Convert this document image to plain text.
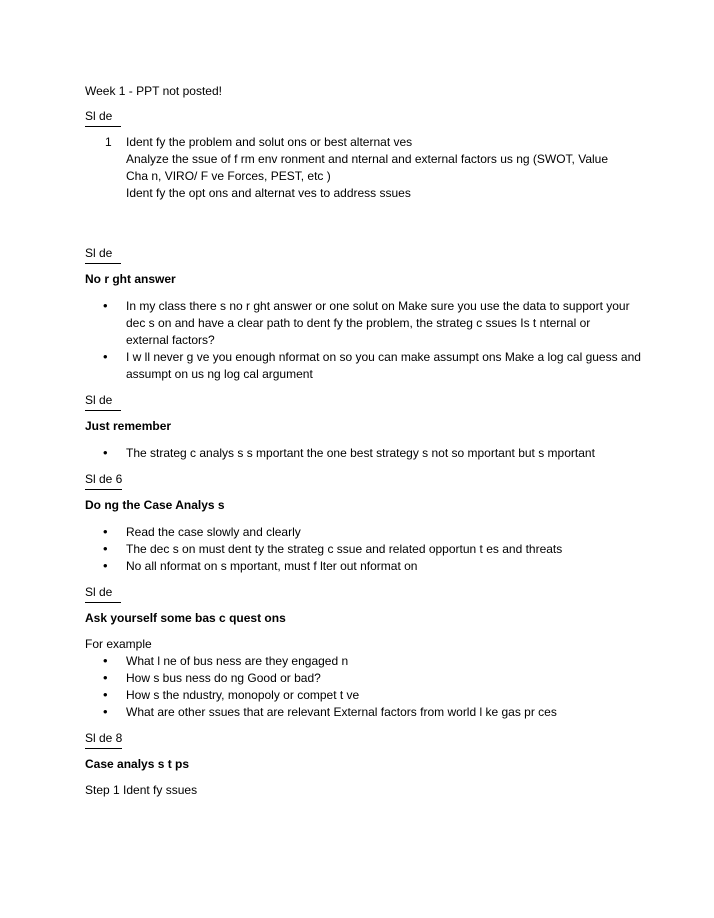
Week 1 - PPT not posted!
Sl de
1 Ident fy the problem and solut ons or best alternat ves
Analyze the ssue of f rm env ronment and nternal and external factors us ng (SWOT, Value
Cha n, VIRO/ F ve Forces, PEST, etc )
Ident fy the opt ons and alternat ves to address ssues
Sl de
No r ght answer
• In my class there s no r ght answer or one solut on Make sure you use the data to support your
dec s on and have a clear path to dent fy the problem, the strateg c ssues Is t nternal or
external factors?
• I w ll never g ve you enough nformat on so you can make assumpt ons Make a log cal guess and
assumpt on us ng log cal argument
Sl de
Just remember
• The strateg c analys s s mportant the one best strategy s not so mportant but s mportant
Sl de 6
Do ng the Case Analys s
• Read the case slowly and clearly
• The dec s on must dent ty the strateg c ssue and related opportun t es and threats
• No all nformat on s mportant, must f lter out nformat on
Sl de
Ask yourself some bas c quest ons
For example
• What l ne of bus ness are they engaged n
• How s bus ness do ng Good or bad?
• How s the ndustry, monopoly or compet t ve
• What are other ssues that are relevant External factors from world l ke gas pr ces
Sl de 8
Case analys s t ps
Step 1 Ident fy ssues
